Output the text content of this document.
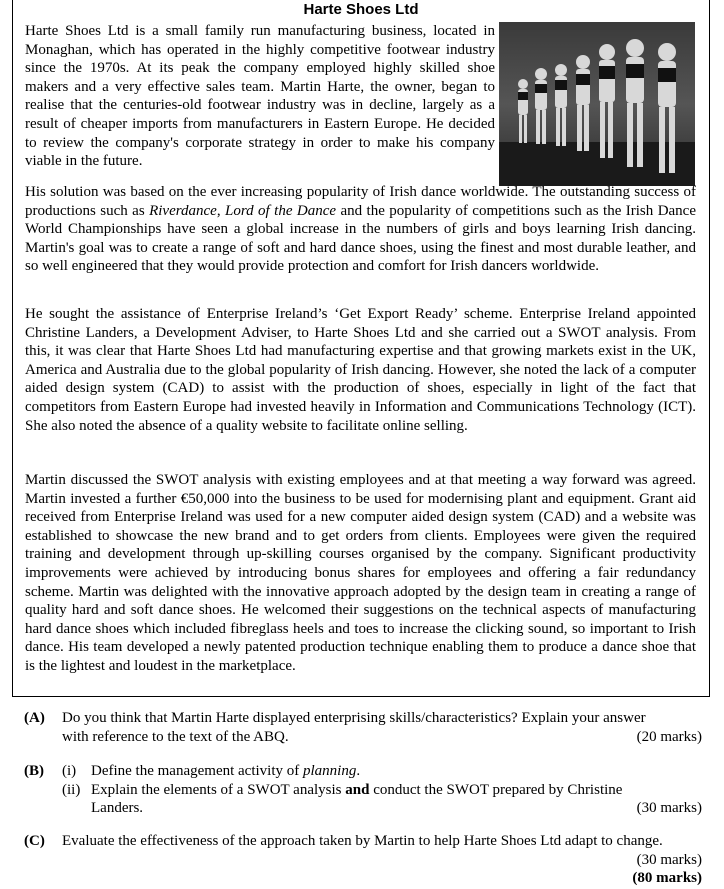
Harte Shoes Ltd

Harte Shoes Ltd is a small family run manufacturing business, located in Monaghan, which has operated in the highly competitive footwear industry since the 1970s. At its peak the company employed highly skilled shoe makers and a very effective sales team. Martin Harte, the owner, began to realise that the centuries-old footwear industry was in decline, largely as a result of cheaper imports from manufacturers in Eastern Europe. He decided to review the company's corporate strategy in order to make his company viable in the future.

His solution was based on the ever increasing popularity of Irish dance worldwide. The outstanding success of productions such as Riverdance, Lord of the Dance and the popularity of competitions such as the Irish Dance World Championships have seen a global increase in the numbers of girls and boys learning Irish dancing. Martin's goal was to create a range of soft and hard dance shoes, using the finest and most durable leather, and so well engineered that they would provide protection and comfort for Irish dancers worldwide.

He sought the assistance of Enterprise Ireland’s ‘Get Export Ready’ scheme. Enterprise Ireland appointed Christine Landers, a Development Adviser, to Harte Shoes Ltd and she carried out a SWOT analysis. From this, it was clear that Harte Shoes Ltd had manufacturing expertise and that growing markets exist in the UK, America and Australia due to the global popularity of Irish dancing. However, she noted the lack of a computer aided design system (CAD) to assist with the production of shoes, especially in light of the fact that competitors from Eastern Europe had invested heavily in Information and Communications Technology (ICT). She also noted the absence of a quality website to facilitate online selling.

Martin discussed the SWOT analysis with existing employees and at that meeting a way forward was agreed. Martin invested a further €50,000 into the business to be used for modernising plant and equipment. Grant aid received from Enterprise Ireland was used for a new computer aided design system (CAD) and a website was established to showcase the new brand and to get orders from clients. Employees were given the required training and development through up-skilling courses organised by the company. Significant productivity improvements were achieved by introducing bonus shares for employees and offering a fair redundancy scheme. Martin was delighted with the innovative approach adopted by the design team in creating a range of quality hard and soft dance shoes. He welcomed their suggestions on the technical aspects of manufacturing hard dance shoes which included fibreglass heels and toes to increase the clicking sound, so important to Irish dance. His team developed a newly patented production technique enabling them to produce a dance shoe that is the lightest and loudest in the marketplace.

(A) Do you think that Martin Harte displayed enterprising skills/characteristics? Explain your answer
with reference to the text of the ABQ.	(20 marks)
(B) (i) Define the management activity of planning.
(ii) Explain the elements of a SWOT analysis and conduct the SWOT prepared by Christine
Landers.	(30 marks)
(C) Evaluate the effectiveness of the approach taken by Martin to help Harte Shoes Ltd adapt to change.
(30 marks)
(80 marks)
